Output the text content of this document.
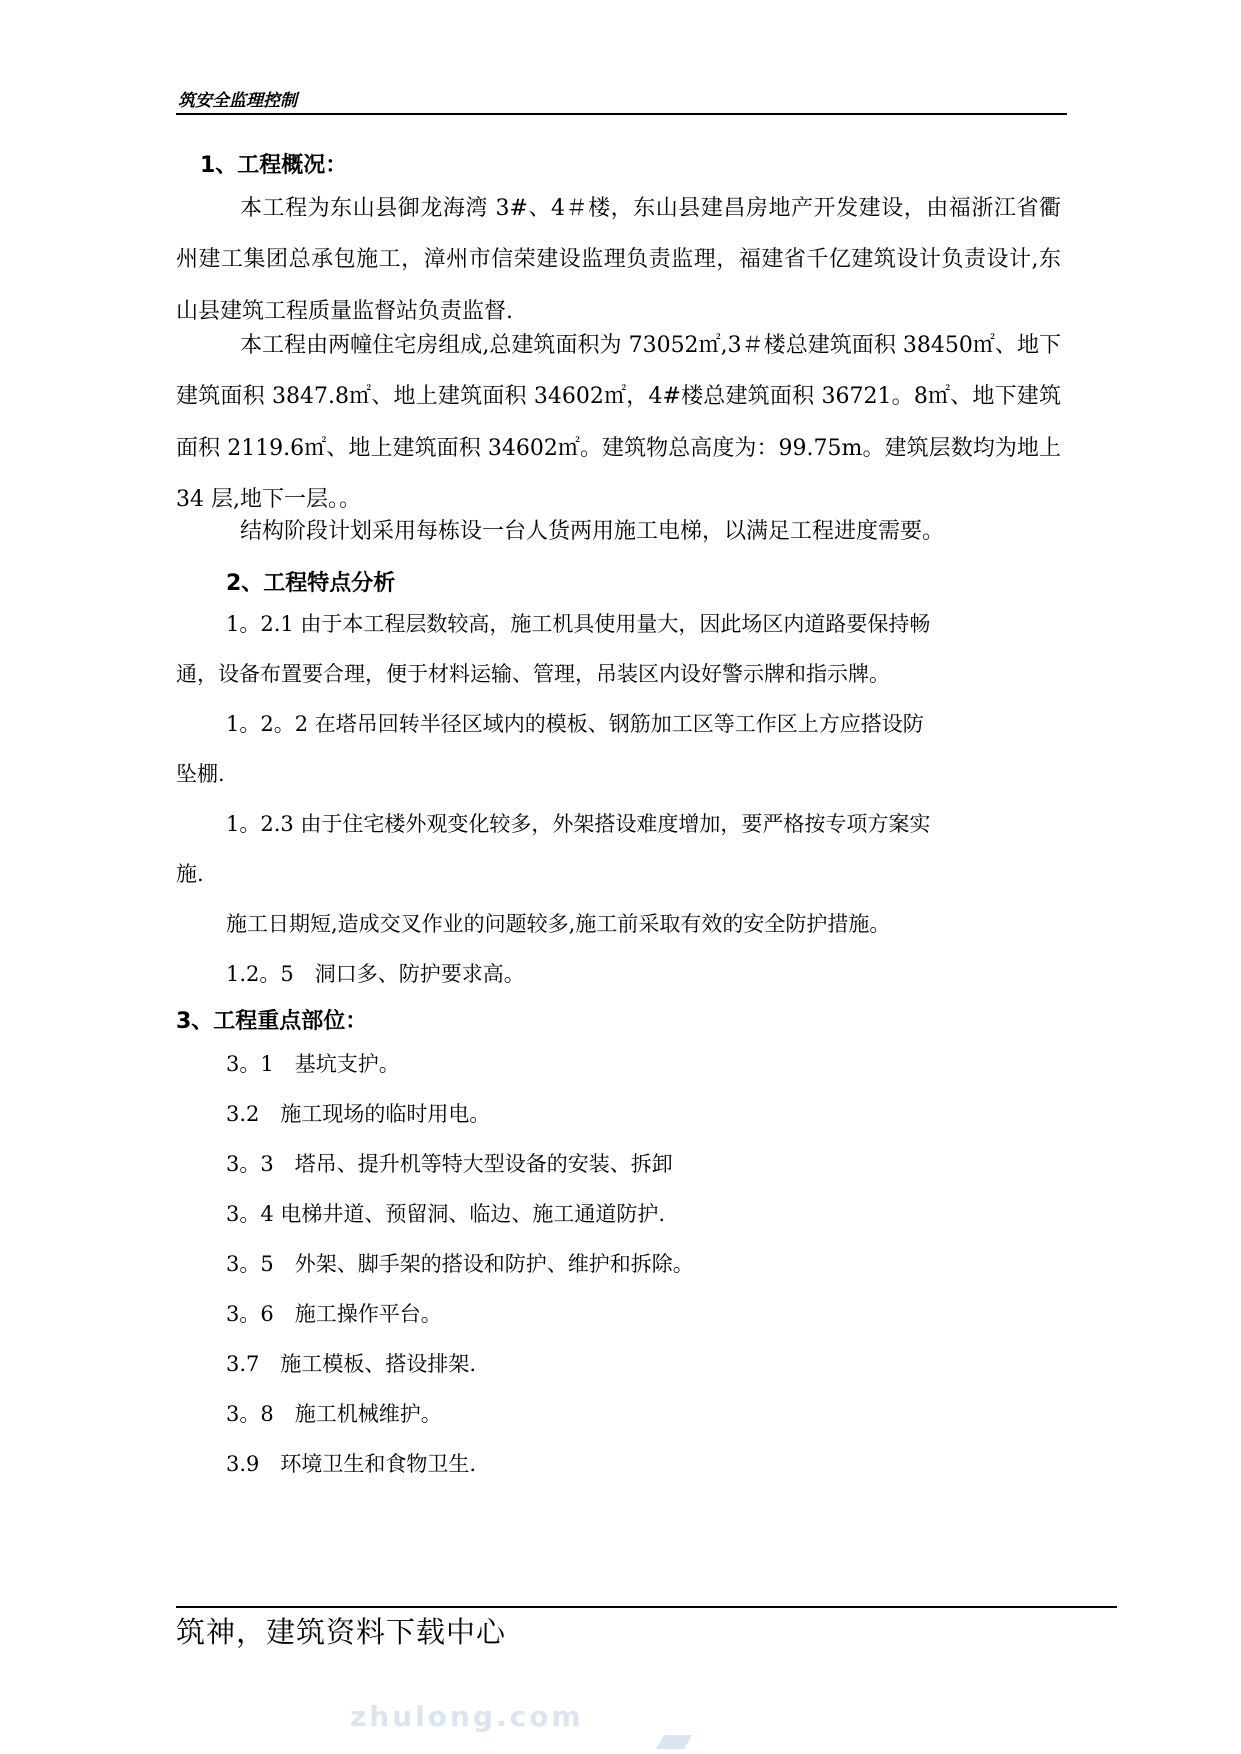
筑安全监理控制
1、工程概况：
本工程为东山县御龙海湾 3#、4＃楼，东山县建昌房地产开发建设，由福浙江省衢州建工集团总承包施工，漳州市信荣建设监理负责监理，福建省千亿建筑设计负责设计,东山县建筑工程质量监督站负责监督.
本工程由两幢住宅房组成,总建筑面积为 73052㎡,3＃楼总建筑面积 38450㎡、地下建筑面积 3847.8㎡、地上建筑面积 34602㎡，4#楼总建筑面积 36721。8㎡、地下建筑面积 2119.6㎡、地上建筑面积 34602㎡。建筑物总高度为：99.75m。建筑层数均为地上 34 层,地下一层。。
结构阶段计划采用每栋设一台人货两用施工电梯，以满足工程进度需要。
2、工程特点分析
1。2.1 由于本工程层数较高，施工机具使用量大，因此场区内道路要保持畅
通，设备布置要合理，便于材料运输、管理，吊装区内设好警示牌和指示牌。
1。2。2 在塔吊回转半径区域内的模板、钢筋加工区等工作区上方应搭设防
坠棚.
1。2.3 由于住宅楼外观变化较多，外架搭设难度增加，要严格按专项方案实
施.
施工日期短,造成交叉作业的问题较多,施工前采取有效的安全防护措施。
1.2。5　洞口多、防护要求高。
3、工程重点部位：
3。1　基坑支护。
3.2　施工现场的临时用电。
3。3　塔吊、提升机等特大型设备的安装、拆卸
3。4 电梯井道、预留洞、临边、施工通道防护.
3。5　外架、脚手架的搭设和防护、维护和拆除。
3。6　施工操作平台。
3.7　施工模板、搭设排架.
3。8　施工机械维护。
3.9　环境卫生和食物卫生.
筑神，建筑资料下载中心
zhulong.com
